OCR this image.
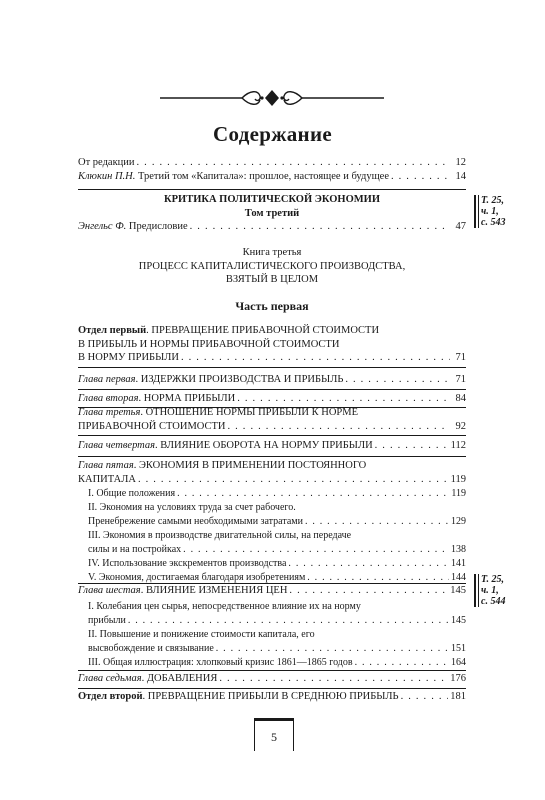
Содержание
От редакции . . .	12
Клюкин П.Н. Третий том «Капитала»: прошлое, настоящее и будущее . . .	14
КРИТИКА ПОЛИТИЧЕСКОЙ ЭКОНОМИИ
Том третий
Энгельс Ф. Предисловие . . .	47
Т. 25,
ч. 1,
с. 543
Книга третья
ПРОЦЕСС КАПИТАЛИСТИЧЕСКОГО ПРОИЗВОДСТВА,
ВЗЯТЫЙ В ЦЕЛОМ
Часть первая
Отдел первый. ПРЕВРАЩЕНИЕ ПРИБАВОЧНОЙ СТОИМОСТИ
В ПРИБЫЛЬ И НОРМЫ ПРИБАВОЧНОЙ СТОИМОСТИ
В НОРМУ ПРИБЫЛИ . . .	71
Глава первая. ИЗДЕРЖКИ ПРОИЗВОДСТВА И ПРИБЫЛЬ . . .	71
Глава вторая. НОРМА ПРИБЫЛИ . . .	84
Глава третья. ОТНОШЕНИЕ НОРМЫ ПРИБЫЛИ К НОРМЕ
ПРИБАВОЧНОЙ СТОИМОСТИ . . .	92
Глава четвертая. ВЛИЯНИЕ ОБОРОТА НА НОРМУ ПРИБЫЛИ . . .	112
Глава пятая. ЭКОНОМИЯ В ПРИМЕНЕНИИ ПОСТОЯННОГО
КАПИТАЛА . . .	119
I. Общие положения . . .	119
II. Экономия на условиях труда за счет рабочего.
Пренебрежение самыми необходимыми затратами . . .	129
III. Экономия в производстве двигательной силы, на передаче
силы и на постройках . . .	138
IV. Использование экскрементов производства . . .	141
V. Экономия, достигаемая благодаря изобретениям . . .	144 Т. 25,
ч. 1,
с. 544
Глава шестая. ВЛИЯНИЕ ИЗМЕНЕНИЯ ЦЕН . . .	145
I. Колебания цен сырья, непосредственное влияние их на норму
прибыли . . .	145
II. Повышение и понижение стоимости капитала, его
высвобождение и связывание . . .	151
III. Общая иллюстрация: хлопковый кризис 1861—1865 годов . . .	164
Глава седьмая. ДОБАВЛЕНИЯ . . .	176
Отдел второй. ПРЕВРАЩЕНИЕ ПРИБЫЛИ В СРЕДНЮЮ ПРИБЫЛЬ . . .	181
5
